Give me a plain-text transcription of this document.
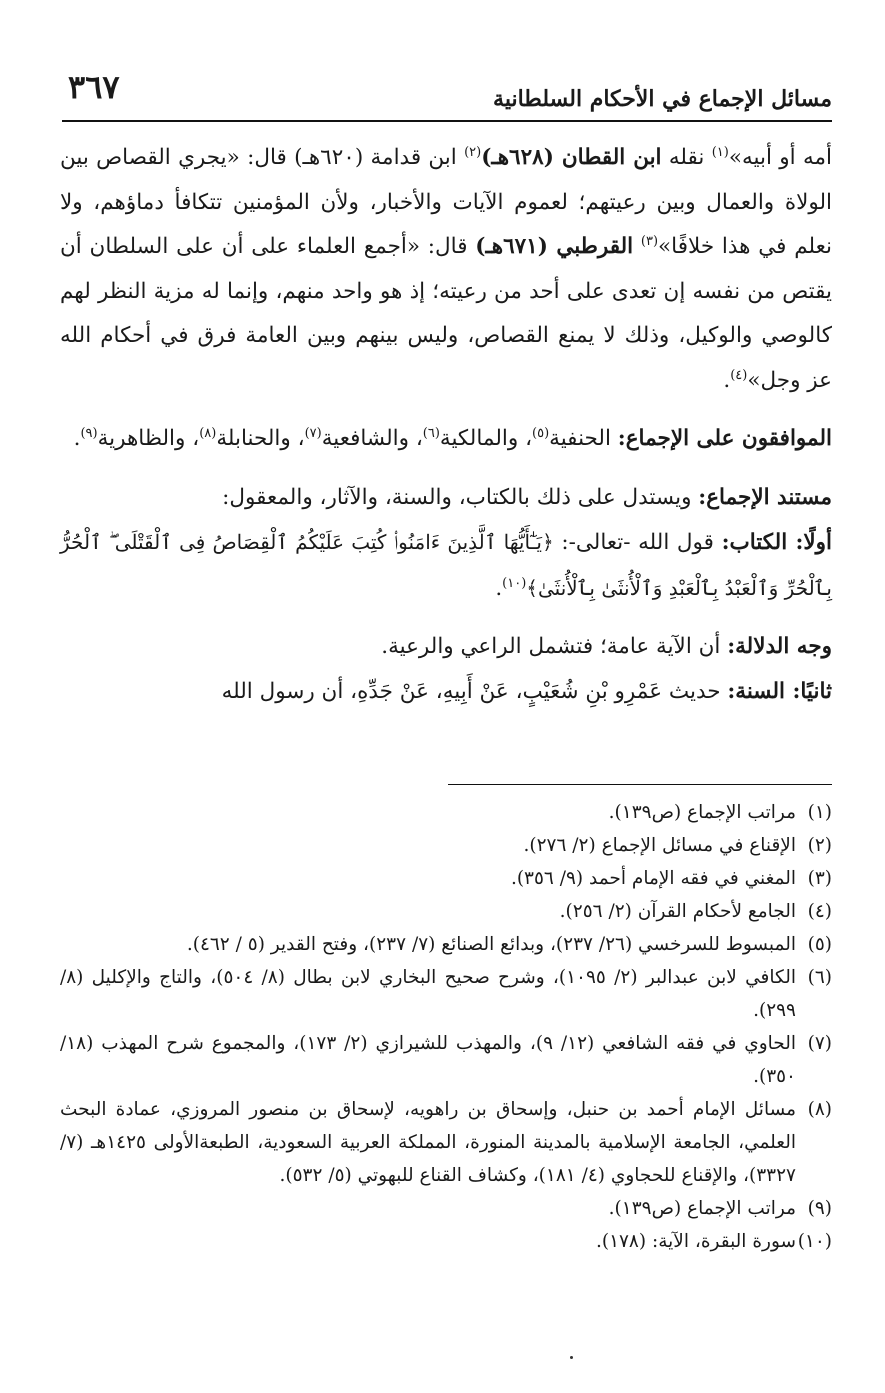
مسائل الإجماع في الأحكام السلطانية
٣٦٧

أمه أو أبيه»$^{(١)}$ نقله ابن القطان (٦٢٨هـ)$^{(٢)}$ ابن قدامة (٦٢٠هـ) قال: «يجري القصاص بين الولاة والعمال وبين رعيتهم؛ لعموم الآيات والأخبار، ولأن المؤمنين تتكافأ دماؤهم، ولا نعلم في هذا خلافًا»$^{(٣)}$ القرطبي (٦٧١هـ) قال: «أجمع العلماء على أن على السلطان أن يقتص من نفسه إن تعدى على أحد من رعيته؛ إذ هو واحد منهم، وإنما له مزية النظر لهم كالوصي والوكيل، وذلك لا يمنع القصاص، وليس بينهم وبين العامة فرق في أحكام الله عز وجل»$^{(٤)}$.

الموافقون على الإجماع: الحنفية$^{(٥)}$، والمالكية$^{(٦)}$، والشافعية$^{(٧)}$، والحنابلة$^{(٨)}$، والظاهرية$^{(٩)}$.

مستند الإجماع: ويستدل على ذلك بالكتاب، والسنة، والآثار، والمعقول:

أولًا: الكتاب: قول الله -تعالى-: ﴿يَـٰٓأَيُّهَا ٱلَّذِينَ ءَامَنُوا۟ كُتِبَ عَلَيْكُمُ ٱلْقِصَاصُ فِى ٱلْقَتْلَى ۖ ٱلْحُرُّ بِٱلْحُرِّ وَٱلْعَبْدُ بِٱلْعَبْدِ وَٱلْأُنثَىٰ بِٱلْأُنثَىٰ﴾$^{(١٠)}$.

وجه الدلالة: أن الآية عامة؛ فتشمل الراعي والرعية.

ثانيًا: السنة: حديث عَمْرِو بْنِ شُعَيْبٍ، عَنْ أَبِيهِ، عَنْ جَدِّهِ، أن رسول الله

(١)
مراتب الإجماع (ص١٣٩).
(٢)
الإقناع في مسائل الإجماع (٢/ ٢٧٦).
(٣)
المغني في فقه الإمام أحمد (٩/ ٣٥٦).
(٤)
الجامع لأحكام القرآن (٢/ ٢٥٦).
(٥)
المبسوط للسرخسي (٢٦/ ٢٣٧)، وبدائع الصنائع (٧/ ٢٣٧)، وفتح القدير (٥ / ٤٦٢).
(٦)
الكافي لابن عبدالبر (٢/ ١٠٩٥)، وشرح صحيح البخاري لابن بطال (٨/ ٥٠٤)، والتاج والإكليل (٨/ ٢٩٩).
(٧)
الحاوي في فقه الشافعي (١٢/ ٩)، والمهذب للشيرازي (٢/ ١٧٣)، والمجموع شرح المهذب (١٨/ ٣٥٠).
(٨)
مسائل الإمام أحمد بن حنبل، وإسحاق بن راهويه، لإسحاق بن منصور المروزي، عمادة البحث العلمي، الجامعة الإسلامية بالمدينة المنورة، المملكة العربية السعودية، الطبعةالأولى ١٤٢٥هـ (٧/ ٣٣٢٧)، والإقناع للحجاوي (٤/ ١٨١)، وكشاف القناع للبهوتي (٥/ ٥٣٢).
(٩)
مراتب الإجماع (ص١٣٩).
(١٠)
سورة البقرة، الآية: (١٧٨).
